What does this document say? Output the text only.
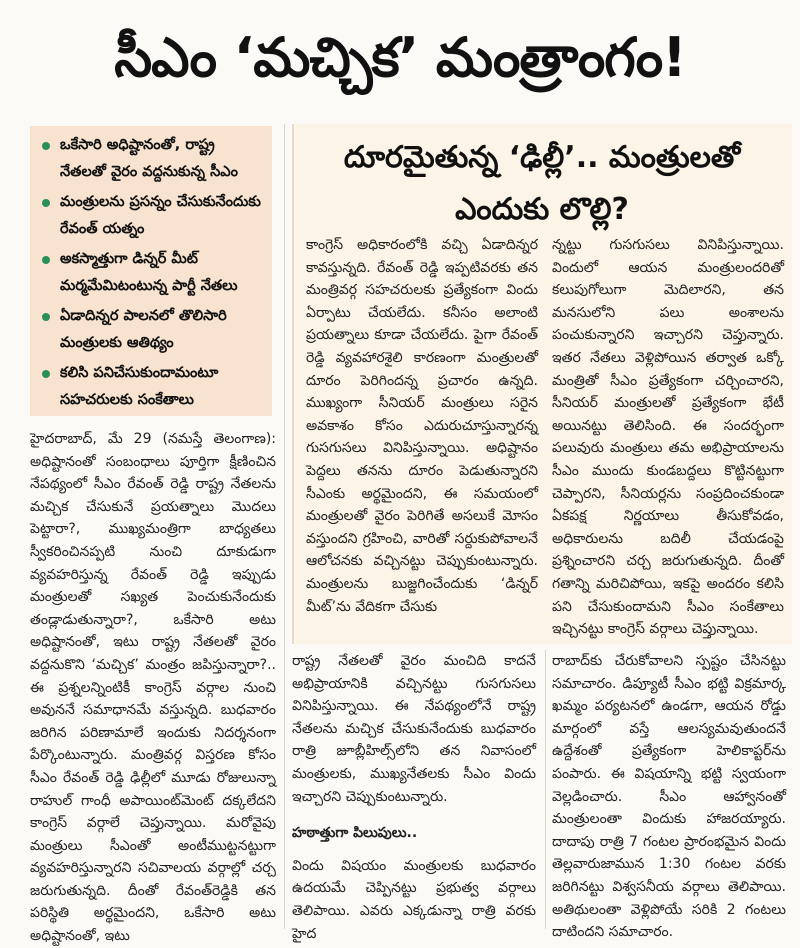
సీఎం ‘మచ్చిక’ మంత్రాంగం!
ఒకేసారి అధిష్టానంతో, రాష్ట్ర నేతలతో వైరం వద్దనుకున్న సీఎం
మంత్రులను ప్రసన్నం చేసుకునేందుకు రేవంత్ యత్నం
అకస్మాత్తుగా డిన్నర్ మీట్ మర్మమేమిటంటున్న పార్టీ నేతలు
ఏడాదిన్నర పాలనలో తొలిసారి మంత్రులకు ఆతిథ్యం
కలిసి పనిచేసుకుందామంటూ సహచరులకు సంకేతాలు

హైదరాబాద్, మే 29 (నమస్తే తెలంగాణ): అధిష్టానంతో సంబంధాలు పూర్తిగా క్షీణించిన నేపథ్యంలో సీఎం రేవంత్ రెడ్డి రాష్ట్ర నేతలను మచ్చిక చేసుకునే ప్రయత్నాలు మొదలు పెట్టారా?, ముఖ్యమంత్రిగా బాధ్యతలు స్వీకరించినప్పటి నుంచి దూకుడుగా వ్యవహరిస్తున్న రేవంత్ రెడ్డి ఇప్పుడు మంత్రులతో సఖ్యత పెంచుకునేందుకు తండ్లాడుతున్నారా?, ఒకేసారి అటు అధిష్టానంతో, ఇటు రాష్ట్ర నేతలతో వైరం వద్దనుకొని ‘మచ్చిక’ మంత్రం జపిస్తున్నారా?.. ఈ ప్రశ్నలన్నింటికీ కాంగ్రెస్ వర్గాల నుంచి అవుననే సమాధానమే వస్తున్నది. బుధవారం జరిగిన పరిణామాలే ఇందుకు నిదర్శనంగా పేర్కొంటున్నారు. మంత్రివర్గ విస్తరణ కోసం సీఎం రేవంత్ రెడ్డి ఢిల్లీలో మూడు రోజులున్నా రాహుల్ గాంధీ అపాయింట్‌మెంట్ దక్కలేదని కాంగ్రెస్ వర్గాలే చెప్తున్నాయి. మరోవైపు మంత్రులు సీఎంతో అంటీముట్టనట్టుగా వ్యవహరిస్తున్నారని సచివాలయ వర్గాల్లో చర్చ జరుగుతున్నది. దీంతో రేవంత్‌రెడ్డికి తన పరిస్థితి అర్థమైందని, ఒకేసారి అటు అధిష్టానంతో, ఇటు

దూరమైతున్న ‘ఢిల్లీ’.. మంత్రులతో ఎందుకు లొల్లి?

కాంగ్రెస్ అధికారంలోకి వచ్చి ఏడాదిన్నర కావస్తున్నది. రేవంత్ రెడ్డి ఇప్పటివరకు తన మంత్రివర్గ సహచరులకు ప్రత్యేకంగా విందు ఏర్పాటు చేయలేదు. కనీసం అలాంటి ప్రయత్నాలు కూడా చేయలేదు. పైగా రేవంత్ రెడ్డి వ్యవహారశైలి కారణంగా మంత్రులతో దూరం పెరిగిందన్న ప్రచారం ఉన్నది. ముఖ్యంగా సీనియర్ మంత్రులు సరైన అవకాశం కోసం ఎదురుచూస్తున్నారన్న గుసగుసలు వినిపిస్తున్నాయి. అధిష్టానం పెద్దలు తనను దూరం పెడుతున్నారని సీఎంకు అర్థమైందని, ఈ సమయంలో మంత్రులతో వైరం పెరిగితే అసలుకే మోసం వస్తుందని గ్రహించి, వారితో సర్దుకుపోవాలనే ఆలోచనకు వచ్చినట్టు చెప్పుకుంటున్నారు. మంత్రులను బుజ్జగించేందుకు ‘డిన్నర్ మీట్’ను వేదికగా చేసుకు

న్నట్టు గుసగుసలు వినిపిస్తున్నాయి. విందులో ఆయన మంత్రులందరితో కలుపుగోలుగా మెదిలారని, తన మనసులోని పలు అంశాలను పంచుకున్నారని ఇచ్చారని చెప్తున్నారు. ఇతర నేతలు వెళ్లిపోయిన తర్వాత ఒక్కో మంత్రితో సీఎం ప్రత్యేకంగా చర్చించారని, సీనియర్ మంత్రులతో ప్రత్యేకంగా భేటీ అయినట్టు తెలిసింది. ఈ సందర్భంగా పలువురు మంత్రులు తమ అభిప్రాయాలను సీఎం ముందు కుండబద్దలు కొట్టినట్టుగా చెప్పారని, సీనియర్లను సంప్రదించకుండా ఏకపక్ష నిర్ణయాలు తీసుకోవడం, అధికారులను బదిలీ చేయడంపై ప్రశ్నించారని చర్చ జరుగుతున్నది. దీంతో గతాన్ని మరిచిపోయి, ఇకపై అందరం కలిసి పని చేసుకుందామని సీఎం సంకేతాలు ఇచ్చినట్టు కాంగ్రెస్ వర్గాలు చెప్తున్నాయి.

రాష్ట్ర నేతలతో వైరం మంచిది కాదనే అభిప్రాయానికి వచ్చినట్టు గుసగుసలు వినిపిస్తున్నాయి. ఈ నేపథ్యంలోనే రాష్ట్ర నేతలను మచ్చిక చేసుకునేందుకు బుధవారం రాత్రి జూబ్లీహిల్స్‌లోని తన నివాసంలో మంత్రులకు, ముఖ్యనేతలకు సీఎం విందు ఇచ్చారని చెప్పుకుంటున్నారు.

హఠాత్తుగా పిలుపులు..

విందు విషయం మంత్రులకు బుధవారం ఉదయమే చెప్పినట్టు ప్రభుత్వ వర్గాలు తెలిపాయి. ఎవరు ఎక్కడున్నా రాత్రి వరకు హైద

రాబాద్‌కు చేరుకోవాలని స్పష్టం చేసినట్టు సమాచారం. డిప్యూటీ సీఎం భట్టి విక్రమార్క ఖమ్మం పర్యటనలో ఉండగా, ఆయన రోడ్డు మార్గంలో వస్తే ఆలస్యమవుతుందనే ఉద్దేశంతో ప్రత్యేకంగా హెలికాప్టర్‌ను పంపారు. ఈ విషయాన్ని భట్టి స్వయంగా వెల్లడించారు. సీఎం ఆహ్వానంతో మంత్రులంతా విందుకు హాజరయ్యారు. దాదాపు రాత్రి 7 గంటల ప్రారంభమైన విందు తెల్లవారుజామున 1:30 గంటల వరకు జరిగినట్టు విశ్వసనీయ వర్గాలు తెలిపాయి. అతిథులంతా వెళ్లిపోయే సరికి 2 గంటలు దాటిందని సమాచారం.
